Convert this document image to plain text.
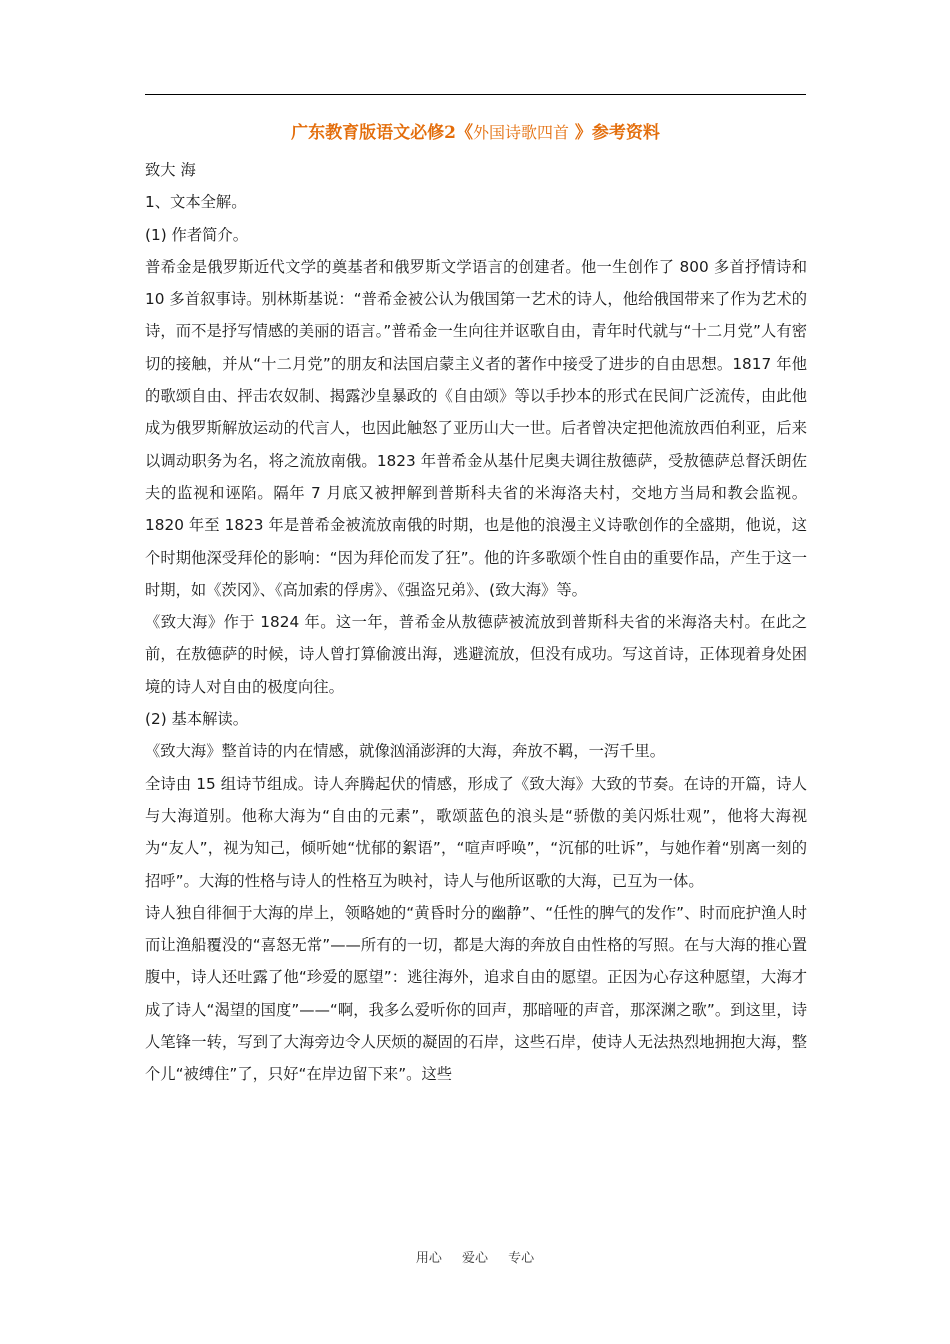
广东教育版语文必修2《外国诗歌四首 》参考资料

致大 海

1、文本全解。

(1) 作者简介。

普希金是俄罗斯近代文学的奠基者和俄罗斯文学语言的创建者。他一生创作了 800 多首抒情诗和 10 多首叙事诗。别林斯基说：“普希金被公认为俄国第一艺术的诗人，他给俄国带来了作为艺术的诗，而不是抒写情感的美丽的语言。”普希金一生向往并讴歌自由，青年时代就与“十二月党”人有密切的接触，并从“十二月党”的朋友和法国启蒙主义者的著作中接受了进步的自由思想。1817 年他的歌颂自由、抨击农奴制、揭露沙皇暴政的《自由颂》等以手抄本的形式在民间广泛流传，由此他成为俄罗斯解放运动的代言人，也因此触怒了亚历山大一世。后者曾决定把他流放西伯利亚，后来以调动职务为名，将之流放南俄。1823 年普希金从基什尼奥夫调往敖德萨，受敖德萨总督沃朗佐夫的监视和诬陷。隔年 7 月底又被押解到普斯科夫省的米海洛夫村，交地方当局和教会监视。1820 年至 1823 年是普希金被流放南俄的时期，也是他的浪漫主义诗歌创作的全盛期，他说，这个时期他深受拜伦的影响：“因为拜伦而发了狂”。他的许多歌颂个性自由的重要作品，产生于这一时期，如《茨冈》、《高加索的俘虏》、《强盗兄弟》、(致大海》等。

《致大海》作于 1824 年。这一年，普希金从敖德萨被流放到普斯科夫省的米海洛夫村。在此之前，在敖德萨的时候，诗人曾打算偷渡出海，逃避流放，但没有成功。写这首诗，正体现着身处困境的诗人对自由的极度向往。

(2) 基本解读。

《致大海》整首诗的内在情感，就像汹涌澎湃的大海，奔放不羁，一泻千里。

全诗由 15 组诗节组成。诗人奔腾起伏的情感，形成了《致大海》大致的节奏。在诗的开篇，诗人与大海道别。他称大海为“自由的元素”，歌颂蓝色的浪头是“骄傲的美闪烁壮观”，他将大海视为“友人”，视为知己，倾听她“忧郁的絮语”，“喧声呼唤”，“沉郁的吐诉”，与她作着“别离一刻的招呼”。大海的性格与诗人的性格互为映衬，诗人与他所讴歌的大海，已互为一体。

诗人独自徘徊于大海的岸上，领略她的“黄昏时分的幽静”、“任性的脾气的发作”、时而庇护渔人时而让渔船覆没的“喜怒无常”——所有的一切，都是大海的奔放自由性格的写照。在与大海的推心置腹中，诗人还吐露了他“珍爱的愿望”：逃往海外，追求自由的愿望。正因为心存这种愿望，大海才成了诗人“渴望的国度”——“啊，我多么爱听你的回声，那暗哑的声音，那深渊之歌”。到这里，诗人笔锋一转，写到了大海旁边令人厌烦的凝固的石岸，这些石岸，使诗人无法热烈地拥抱大海，整个儿“被缚住”了，只好“在岸边留下来”。这些

用心 爱心 专心
